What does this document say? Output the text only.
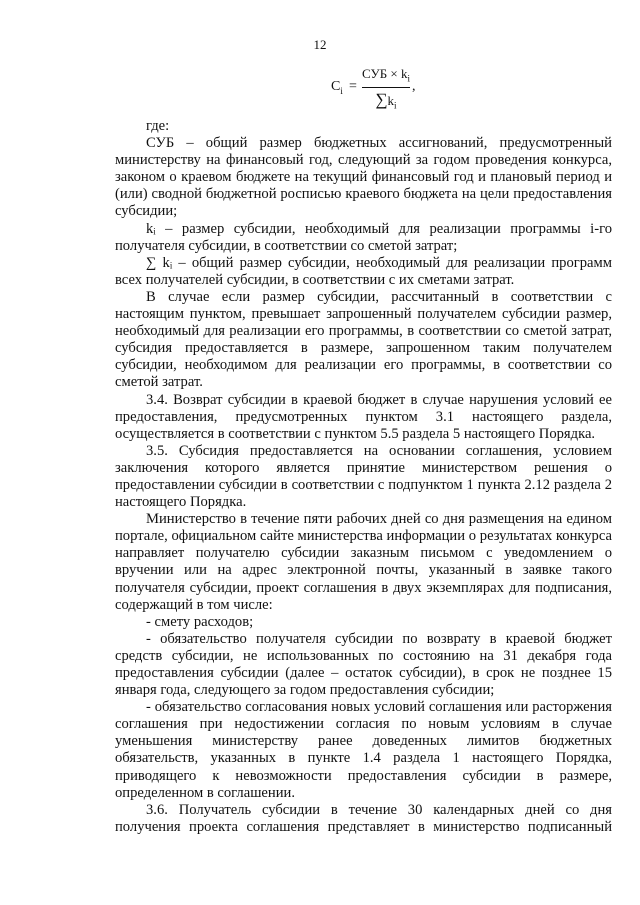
12
$C_i$ =
СУБ × $k_i$
$\sum k_i$
,

где:

СУБ – общий размер бюджетных ассигнований, предусмотренный министерству на финансовый год, следующий за годом проведения конкурса, законом о краевом бюджете на текущий финансовый год и плановый период и (или) сводной бюджетной росписью краевого бюджета на цели предоставления субсидии;

kᵢ – размер субсидии, необходимый для реализации программы i-го получателя субсидии, в соответствии со сметой затрат;

∑ kᵢ – общий размер субсидии, необходимый для реализации программ всех получателей субсидии, в соответствии с их сметами затрат.

В случае если размер субсидии, рассчитанный в соответствии с настоящим пунктом, превышает запрошенный получателем субсидии размер, необходимый для реализации его программы, в соответствии со сметой затрат, субсидия предоставляется в размере, запрошенном таким получателем субсидии, необходимом для реализации его программы, в соответствии со сметой затрат.

3.4. Возврат субсидии в краевой бюджет в случае нарушения условий ее предоставления, предусмотренных пунктом 3.1 настоящего раздела, осуществляется в соответствии с пунктом 5.5 раздела 5 настоящего Порядка.

3.5. Субсидия предоставляется на основании соглашения, условием заключения которого является принятие министерством решения о предоставлении субсидии в соответствии с подпунктом 1 пункта 2.12 раздела 2 настоящего Порядка.

Министерство в течение пяти рабочих дней со дня размещения на едином портале, официальном сайте министерства информации о результатах конкурса направляет получателю субсидии заказным письмом с уведомлением о вручении или на адрес электронной почты, указанный в заявке такого получателя субсидии, проект соглашения в двух экземплярах для подписания, содержащий в том числе:

- смету расходов;

- обязательство получателя субсидии по возврату в краевой бюджет средств субсидии, не использованных по состоянию на 31 декабря года предоставления субсидии (далее – остаток субсидии), в срок не позднее 15 января года, следующего за годом предоставления субсидии;

- обязательство согласования новых условий соглашения или расторжения соглашения при недостижении согласия по новым условиям в случае уменьшения министерству ранее доведенных лимитов бюджетных обязательств, указанных в пункте 1.4 раздела 1 настоящего Порядка, приводящего к невозможности предоставления субсидии в размере, определенном в соглашении.

3.6. Получатель субсидии в течение 30 календарных дней со дня получения проекта соглашения представляет в министерство подписанный
